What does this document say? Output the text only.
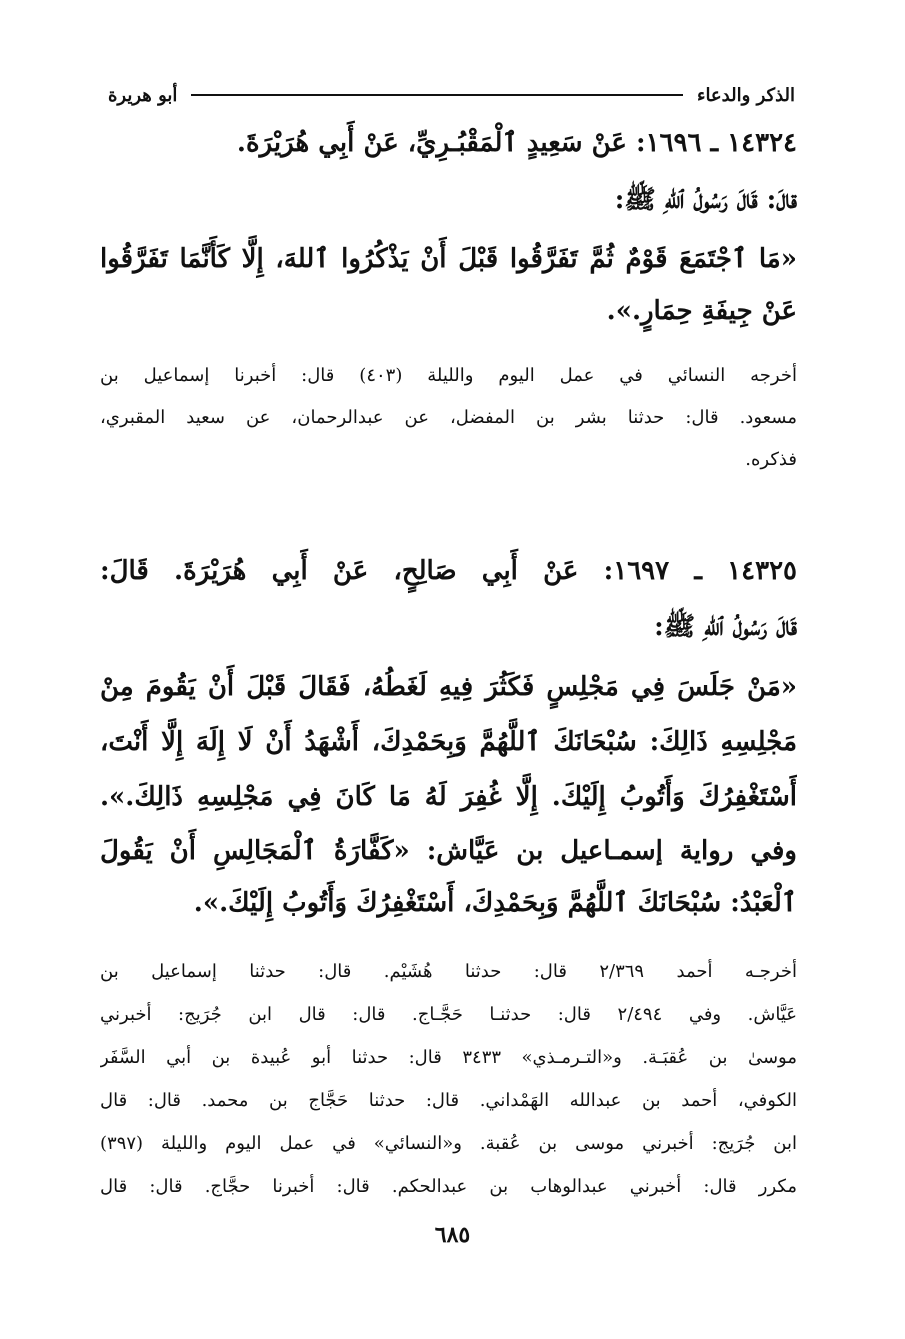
الذكر والدعاء
أبو هريرة
١٤٣٢٤ ـ ١٦٩٦: عَنْ سَعِيدٍ ٱلْمَقْبُـرِيِّ، عَنْ أَبِي هُرَيْرَةَ.
قالَ: قَالَ رَسُولُ ٱللهِ ﷺ:
«مَا ٱجْتَمَعَ قَوْمٌ ثُمَّ تَفَرَّقُوا قَبْلَ أَنْ يَذْكُرُوا ٱللهَ، إِلَّا كَأَنَّمَا تَفَرَّقُوا
عَنْ جِيفَةِ حِمَارٍ.».
أخرجه النسائي في عمل اليوم والليلة (٤٠٣) قال: أخبرنا إسماعيل بن
مسعود. قال: حدثنا بشر بن المفضل، عن عبدالرحمان، عن سعيد المقبري،
فذكره.
١٤٣٢٥ ـ ١٦٩٧: عَنْ أَبِي صَالِحٍ، عَنْ أَبِي هُرَيْرَةَ. قَالَ:
قَالَ رَسُولُ ٱللهِ ﷺ:
«مَنْ جَلَسَ فِي مَجْلِسٍ فَكَثُرَ فِيهِ لَغَطُهُ، فَقَالَ قَبْلَ أَنْ يَقُومَ مِنْ
مَجْلِسِهِ ذَالِكَ: سُبْحَانَكَ ٱللَّهُمَّ وَبِحَمْدِكَ، أَشْهَدُ أَنْ لَا إِلَهَ إِلَّا أَنْتَ،
أَسْتَغْفِرُكَ وَأَتُوبُ إِلَيْكَ. إِلَّا غُفِرَ لَهُ مَا كَانَ فِي مَجْلِسِهِ ذَالِكَ.».
وفي رواية إسمـاعيل بن عَيَّاش: «كَفَّارَةُ ٱلْمَجَالِسِ أَنْ يَقُولَ
ٱلْعَبْدُ: سُبْحَانَكَ ٱللَّهُمَّ وَبِحَمْدِكَ، أَسْتَغْفِرُكَ وَأَتُوبُ إِلَيْكَ.».
أخرجـه أحمد ٢/٣٦٩ قال: حدثنا هُشَيْم. قال: حدثنا إسماعيل بن
عَيَّاش. وفي ٢/٤٩٤ قال: حدثنـا حَجَّـاج. قال: قال ابن جُرَيج: أخبرني
موسىٰ بن عُقبَـة. و«التـرمـذي» ٣٤٣٣ قال: حدثنا أبو عُبيدة بن أبي السَّفَر
الكوفي، أحمد بن عبدالله الهَمْداني. قال: حدثنا حَجَّاج بن محمد. قال: قال
ابن جُرَيج: أخبرني موسى بن عُقبة. و«النسائي» في عمل اليوم والليلة (٣٩٧)
مكرر قال: أخبرني عبدالوهاب بن عبدالحكم. قال: أخبرنا حجَّاج. قال: قال
٦٨٥
